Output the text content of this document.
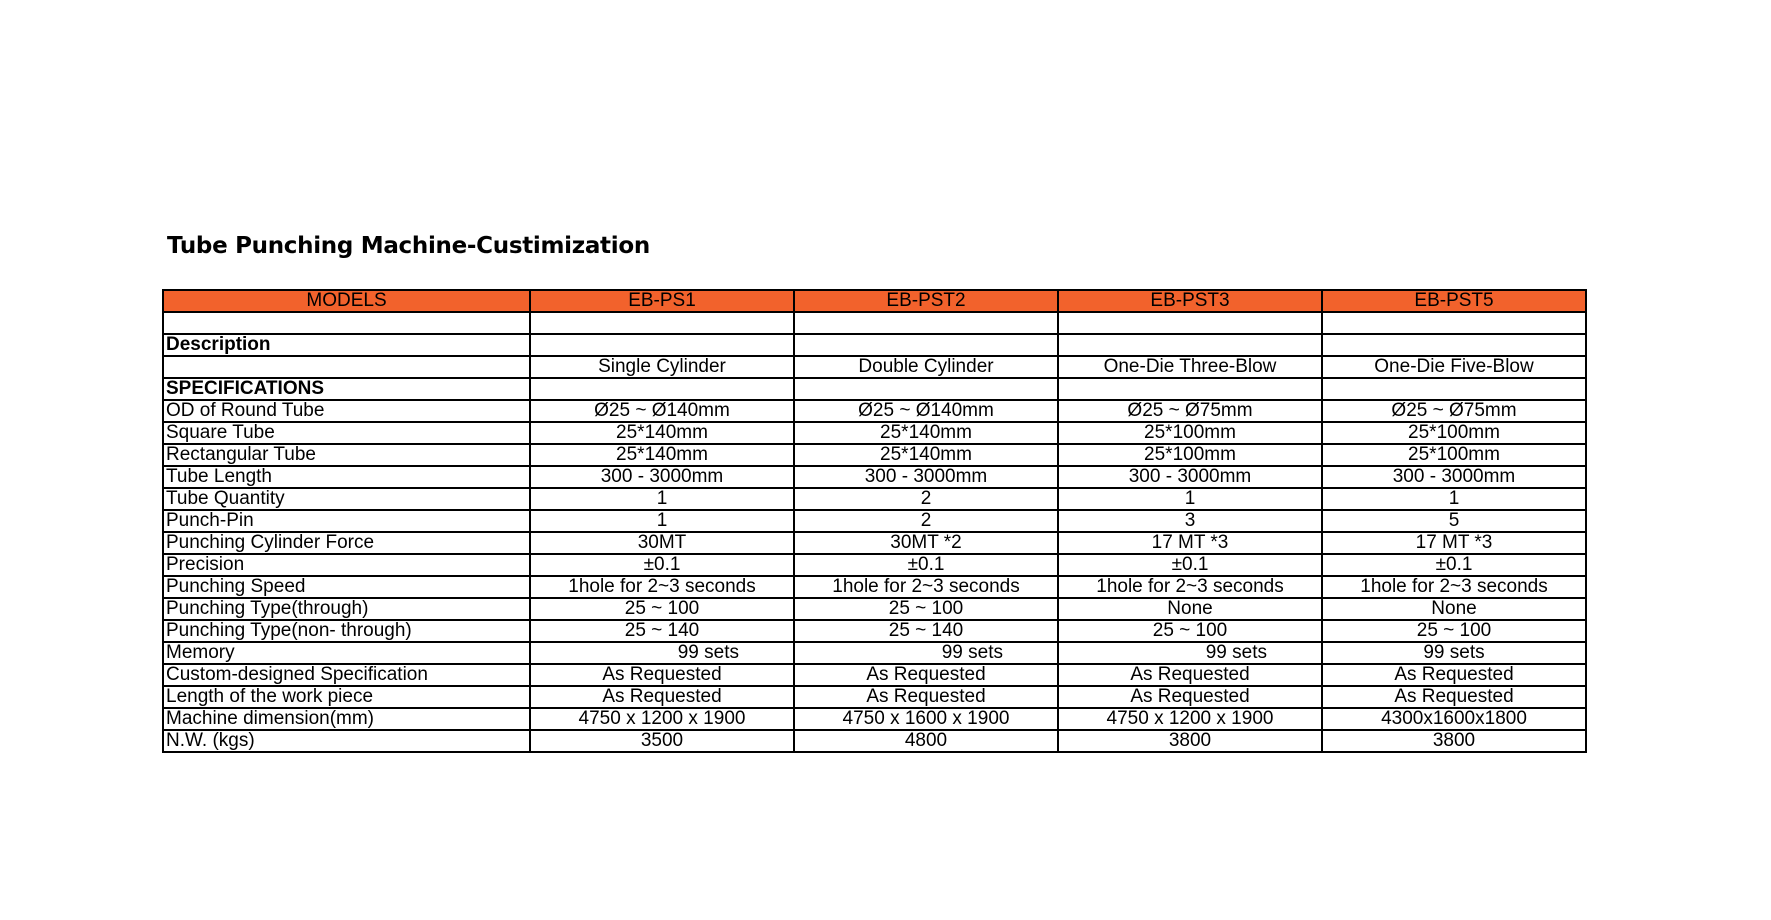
Tube Punching Machine-Custimization
MODELS	EB-PS1	EB-PST2	EB-PST3	EB-PST5

Description				
	Single Cylinder	Double Cylinder	One-Die Three-Blow	One-Die Five-Blow
SPECIFICATIONS				
OD of Round Tube	Ø25 ~ Ø140mm	Ø25 ~ Ø140mm	Ø25 ~ Ø75mm	Ø25 ~ Ø75mm
Square Tube	25*140mm	25*140mm	25*100mm	25*100mm
Rectangular Tube	25*140mm	25*140mm	25*100mm	25*100mm
Tube Length	300 - 3000mm	300 - 3000mm	300 - 3000mm	300 - 3000mm
Tube Quantity	1	2	1	1
Punch-Pin	1	2	3	5
Punching Cylinder Force	30MT	30MT *2	17 MT *3	17 MT *3
Precision	±0.1	±0.1	±0.1	±0.1
Punching Speed	1hole for 2~3 seconds	1hole for 2~3 seconds	1hole for 2~3 seconds	1hole for 2~3 seconds
Punching Type(through)	25 ~ 100	25 ~ 100	None	None
Punching Type(non- through)	25 ~ 140	25 ~ 140	25 ~ 100	25 ~ 100
Memory	99 sets	99 sets	99 sets	99 sets
Custom-designed Specification	As Requested	As Requested	As Requested	As Requested
Length of the work piece	As Requested	As Requested	As Requested	As Requested
Machine dimension(mm)	4750 x 1200 x 1900	4750 x 1600 x 1900	4750 x 1200 x 1900	4300x1600x1800
N.W. (kgs)	3500	4800	3800	3800
